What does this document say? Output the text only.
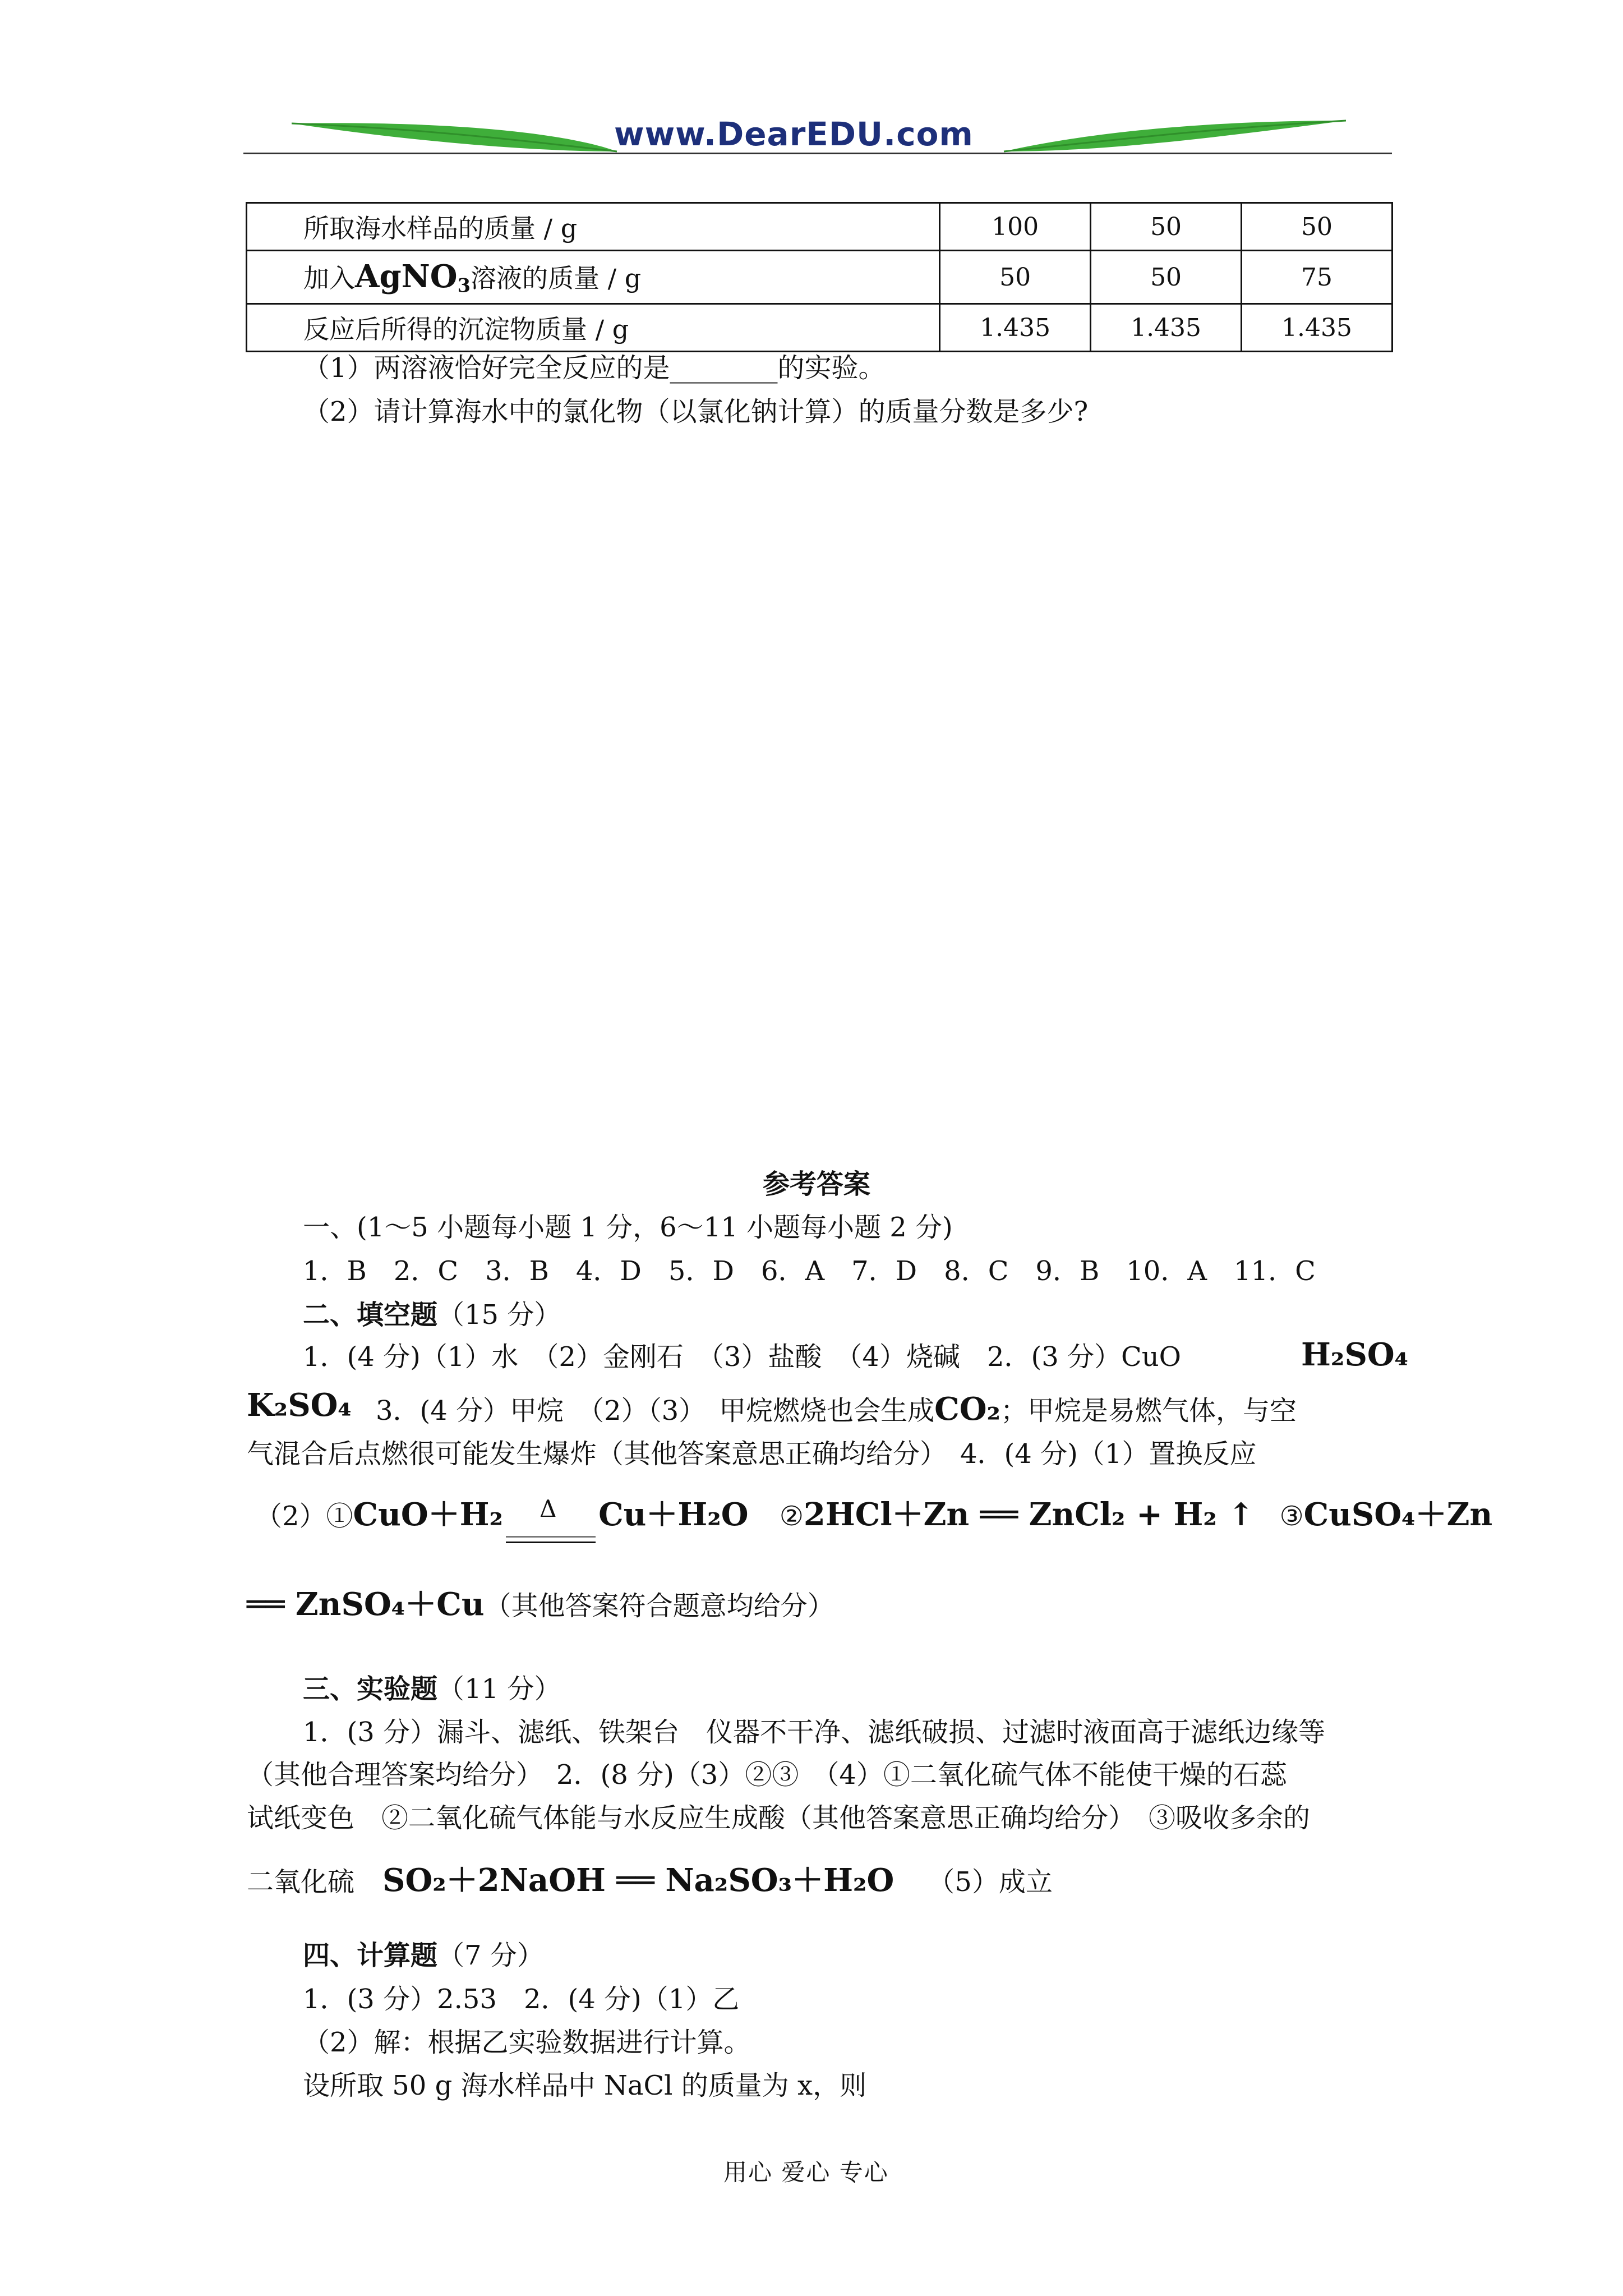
www.DearEDU.com
所取海水样品的质量 / g	100	50	50
加入AgNO$_3$溶液的质量 / g	50	50	75
反应后所得的沉淀物质量 / g	1.435	1.435	1.435
（1）两溶液恰好完全反应的是________的实验。
（2）请计算海水中的氯化物（以氯化钠计算）的质量分数是多少?
参考答案
一、(1～5 小题每小题 1 分，6～11 小题每小题 2 分)
1．B　2．C　3．B　4．D　5．D　6．A　7．D　8．C　9．B　10．A　11．C
二、填空题（15 分）
1．(4 分)（1）水　（2）金刚石　（3）盐酸　（4）烧碱　2．(3 分）CuO	H₂SO₄
K₂SO₄ 3．(4 分）甲烷　（2）（3）　甲烷燃烧也会生成CO₂；甲烷是易燃气体，与空
气混合后点燃很可能发生爆炸（其他答案意思正确均给分）　4．(4 分)（1）置换反应
（2）①CuO＋H₂ Δ Cu＋H₂O ②2HCl＋Zn ══ ZnCl₂ + H₂ ↑ ③CuSO₄＋Zn
══ ZnSO₄＋Cu（其他答案符合题意均给分）
三、实验题（11 分）
1．(3 分）漏斗、滤纸、铁架台　仪器不干净、滤纸破损、过滤时液面高于滤纸边缘等
（其他合理答案均给分）　2．(8 分)（3）②③　（4）①二氧化硫气体不能使干燥的石蕊
试纸变色　②二氧化硫气体能与水反应生成酸（其他答案意思正确均给分）　③吸收多余的
二氧化硫 SO₂＋2NaOH ══ Na₂SO₃＋H₂O （5）成立
四、计算题（7 分）
1．(3 分）2.53　2．(4 分)（1）乙
（2）解：根据乙实验数据进行计算。
设所取 50 g 海水样品中 NaCl 的质量为 x，则
用心 爱心 专心
